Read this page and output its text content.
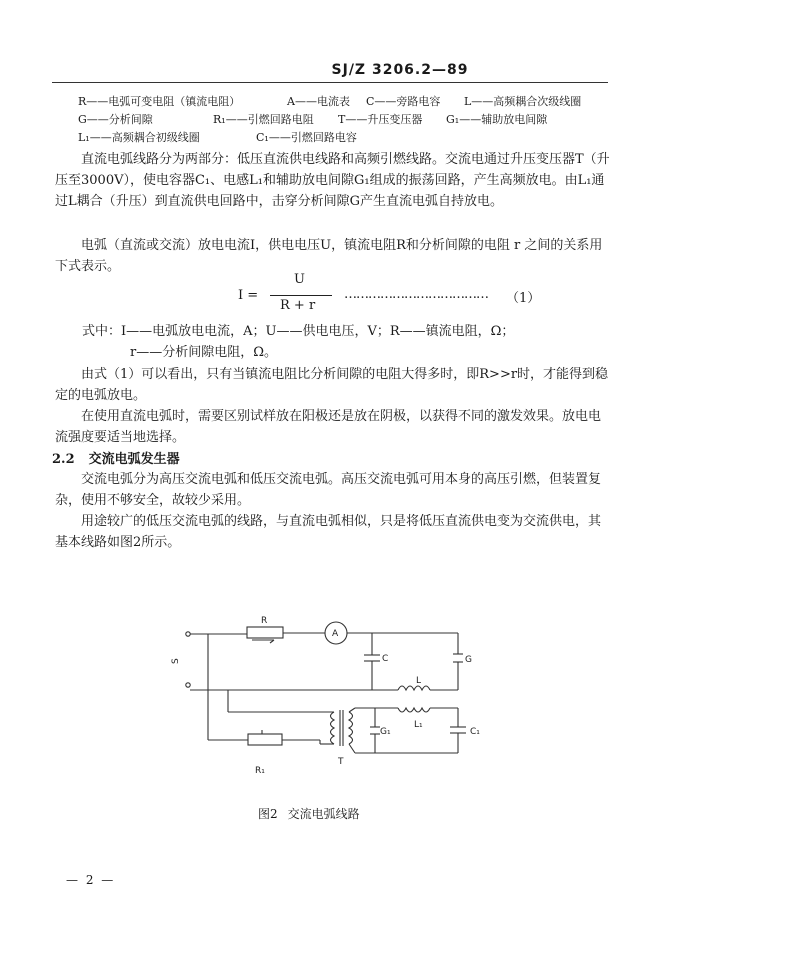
SJ/Z 3206.2—89
R——电弧可变电阻（镇流电阻）	A——电流表 C——旁路电容 L——高频耦合次级线圈
G——分析间隙	R₁——引燃回路电阻 T——升压变压器 G₁——辅助放电间隙
L₁——高频耦合初级线圈	C₁——引燃回路电容
直流电弧线路分为两部分：低压直流供电线路和高频引燃线路。交流电通过升压变压器T（升压至3000V），使电容器C₁、电感L₁和辅助放电间隙G₁组成的振荡回路，产生高频放电。由L₁通过L耦合（升压）到直流供电回路中，击穿分析间隙G产生直流电弧自持放电。
电弧（直流或交流）放电电流I，供电电压U，镇流电阻R和分析间隙的电阻 r 之间的关系用下式表示。
I =
U
R + r
……………………………… （1）
式中：I——电弧放电电流，A；U——供电电压，V；R——镇流电阻，Ω；
r——分析间隙电阻，Ω。
由式（1）可以看出，只有当镇流电阻比分析间隙的电阻大得多时，即R>>r时，才能得到稳定的电弧放电。
在使用直流电弧时，需要区别试样放在阳极还是放在阴极，以获得不同的激发效果。放电电流强度要适当地选择。
2.2 交流电弧发生器
交流电弧分为高压交流电弧和低压交流电弧。高压交流电弧可用本身的高压引燃，但装置复杂，使用不够安全，故较少采用。
用途较广的低压交流电弧的线路，与直流电弧相似，只是将低压直流供电变为交流供电，其基本线路如图2所示。
R
A
C	G
L
S
L₁
G₁	C₁
T
R₁
图2 交流电弧线路
— 2 —
